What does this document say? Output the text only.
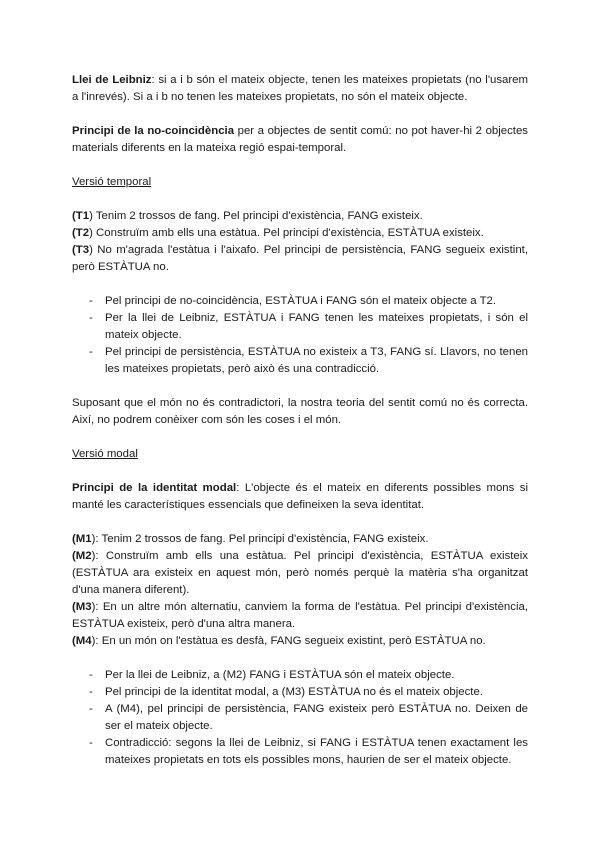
Llei de Leibniz: si a i b són el mateix objecte, tenen les mateixes propietats (no l'usarem a l'inrevés). Si a i b no tenen les mateixes propietats, no són el mateix objecte.

Principi de la no-coincidència per a objectes de sentit comú: no pot haver-hi 2 objectes materials diferents en la mateixa regió espai-temporal.

Versió temporal

(T1) Tenim 2 trossos de fang. Pel principi d'existència, FANG existeix.

(T2) Construïm amb ells una estàtua. Pel principi d'existència, ESTÀTUA existeix.

(T3) No m'agrada l'estàtua i l'aixafo. Pel principi de persistència, FANG segueix existint, però ESTÀTUA no.

- Pel principi de no-coincidència, ESTÀTUA i FANG són el mateix objecte a T2.
- Per la llei de Leibniz, ESTÀTUA i FANG tenen les mateixes propietats, i són el mateix objecte.
- Pel principi de persistència, ESTÀTUA no existeix a T3, FANG sí. Llavors, no tenen les mateixes propietats, però això és una contradicció.

Suposant que el món no és contradictori, la nostra teoria del sentit comú no és correcta. Així, no podrem conèixer com són les coses i el món.

Versió modal

Principi de la identitat modal: L'objecte és el mateix en diferents possibles mons si manté les característiques essencials que defineixen la seva identitat.

(M1): Tenim 2 trossos de fang. Pel principi d'existència, FANG existeix.

(M2): Construïm amb ells una estàtua. Pel principi d'existència, ESTÀTUA existeix (ESTÀTUA ara existeix en aquest món, però només perquè la matèria s'ha organitzat d'una manera diferent).

(M3): En un altre món alternatiu, canviem la forma de l'estàtua. Pel principi d'existència, ESTÀTUA existeix, però d'una altra manera.

(M4): En un món on l'estàtua es desfà, FANG segueix existint, però ESTÀTUA no.

- Per la llei de Leibniz, a (M2) FANG i ESTÀTUA són el mateix objecte.
- Pel principi de la identitat modal, a (M3) ESTÀTUA no és el mateix objecte.
- A (M4), pel principi de persistència, FANG existeix però ESTÀTUA no. Deixen de ser el mateix objecte.
- Contradicció: segons la llei de Leibniz, si FANG i ESTÀTUA tenen exactament les mateixes propietats en tots els possibles mons, haurien de ser el mateix objecte.
